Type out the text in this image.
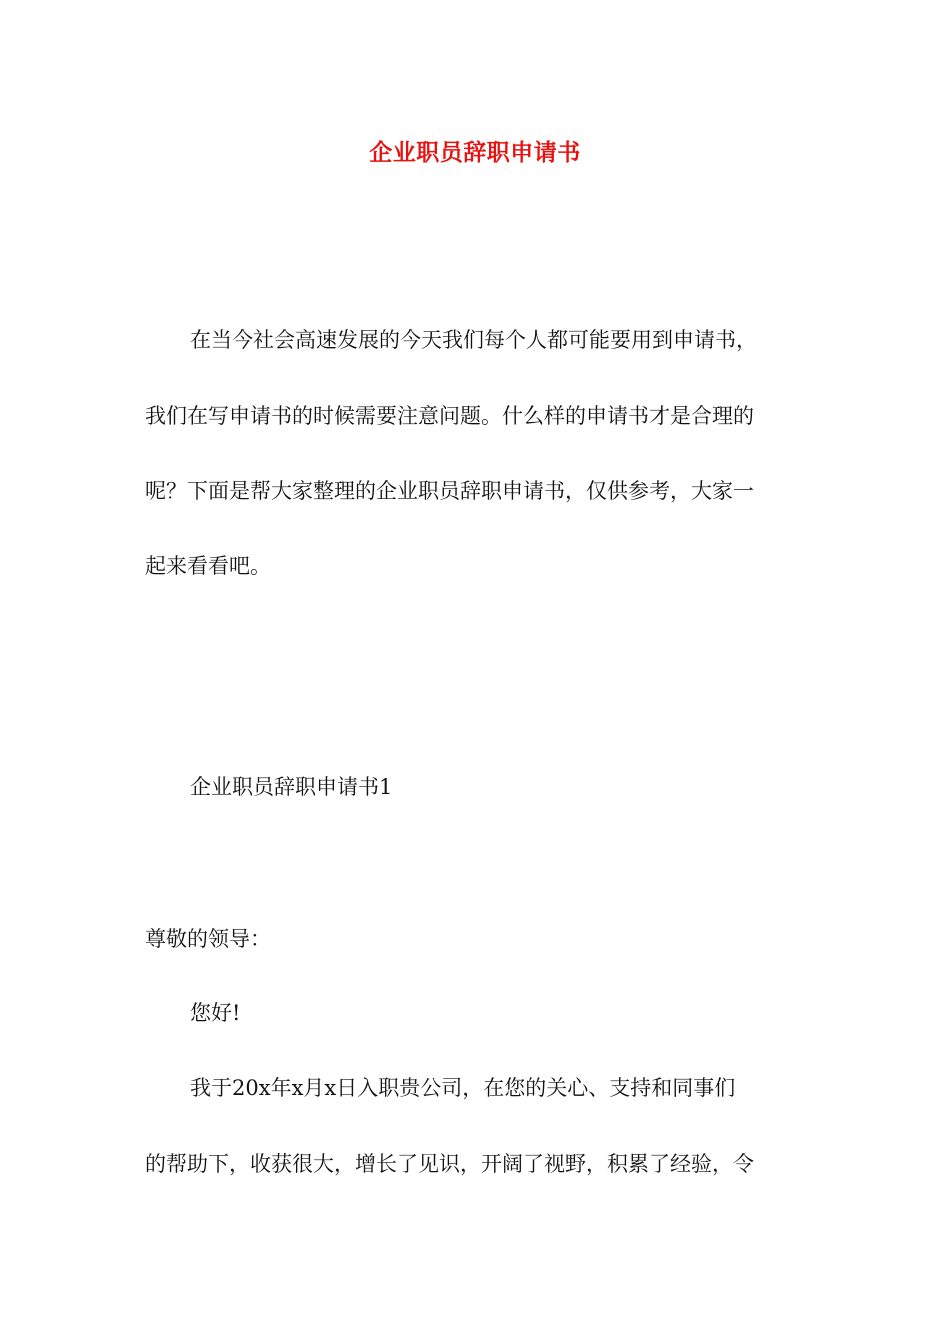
企业职员辞职申请书
在当今社会高速发展的今天我们每个人都可能要用到申请书，
我们在写申请书的时候需要注意问题。什么样的申请书才是合理的
呢？下面是帮大家整理的企业职员辞职申请书，仅供参考，大家一
起来看看吧。
企业职员辞职申请书1
尊敬的领导：
您好!
我于20x年x月x日入职贵公司，在您的关心、支持和同事们
的帮助下，收获很大，增长了见识，开阔了视野，积累了经验，令
